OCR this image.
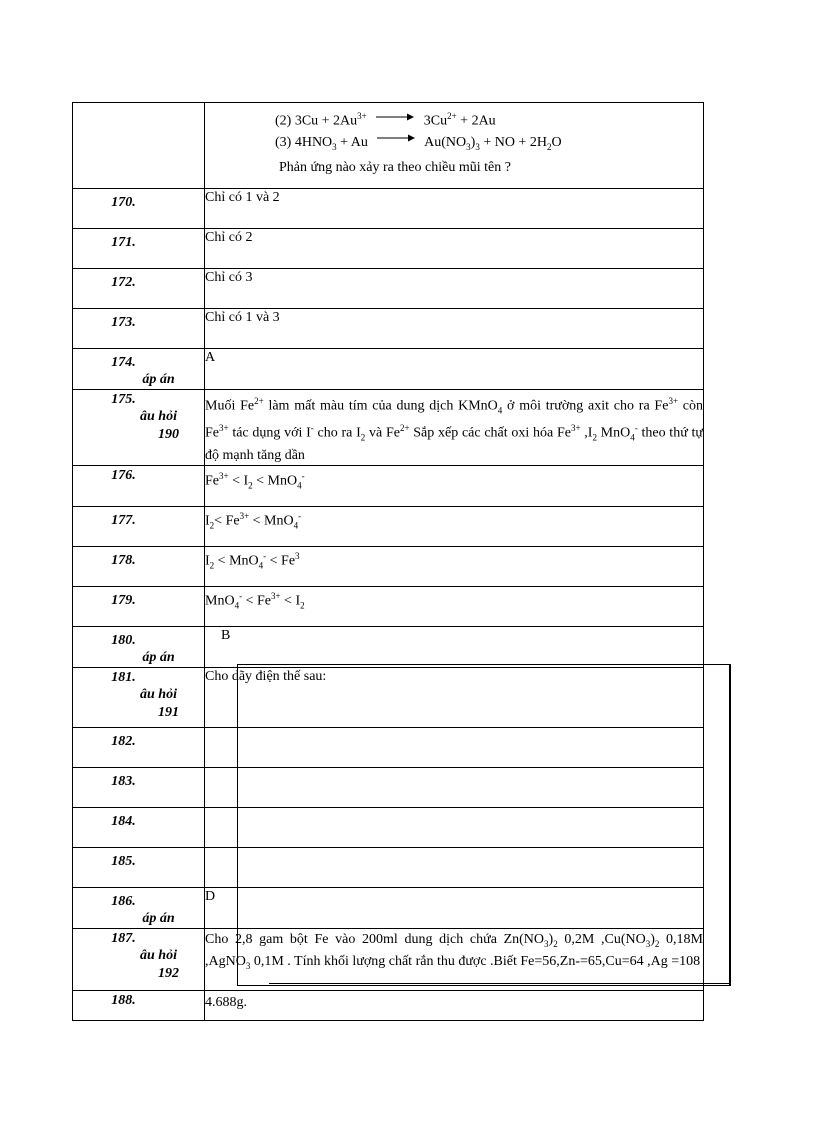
	(2) $3Cu + 2Au^{3+} \to 3Cu^{2+} + 2Au$
(3) $4HNO_3 + Au \to Au(NO_3)_3$ + NO + $2H_2O$
Phản ứng nào xảy ra theo chiều mũi tên ?

170.	Chỉ có 1 và 2

171.	Chỉ có 2

172.	Chỉ có 3

173.	Chỉ có 1 và 3

174.
áp án	A

175.
âu hỏi
190	Muối $Fe^{2+}$ làm mất màu tím của dung dịch KMnO$_4$ ở môi trường axit cho ra $Fe^{3+}$ còn $Fe^{3+}$ tác dụng với I- cho ra $I_2$ và $Fe^{2+}$ Sắp xếp các chất oxi hóa $Fe^{3+}$ $,I_2$ MnO$_4$- theo thứ tự độ mạnh tăng dần

176.	$Fe^{3+} < I_2 < MnO_4^-$

177.	$I_2< Fe^{3+} < MnO_4^-$

178.	$I_2 < MnO_4^- < Fe^3$

179.	$MnO_4^- < Fe^{3+} < I_2$

180.
áp án	B

181.
âu hỏi
191	Cho dãy điện thế sau:

182.	

183.	

184.	

185.	

186.
áp án	D

187.
âu hỏi
192	Cho 2,8 gam bột Fe vào 200ml dung dịch chứa $Zn(NO_3)_2$ 0,2M $,Cu(NO_3)_2$ 0,18M ,AgNO$_3$ 0,1M . Tính khối lượng chất rắn thu được .Biết Fe=56,Zn-=65,Cu=64 ,Ag =108

188.	4.688g.
